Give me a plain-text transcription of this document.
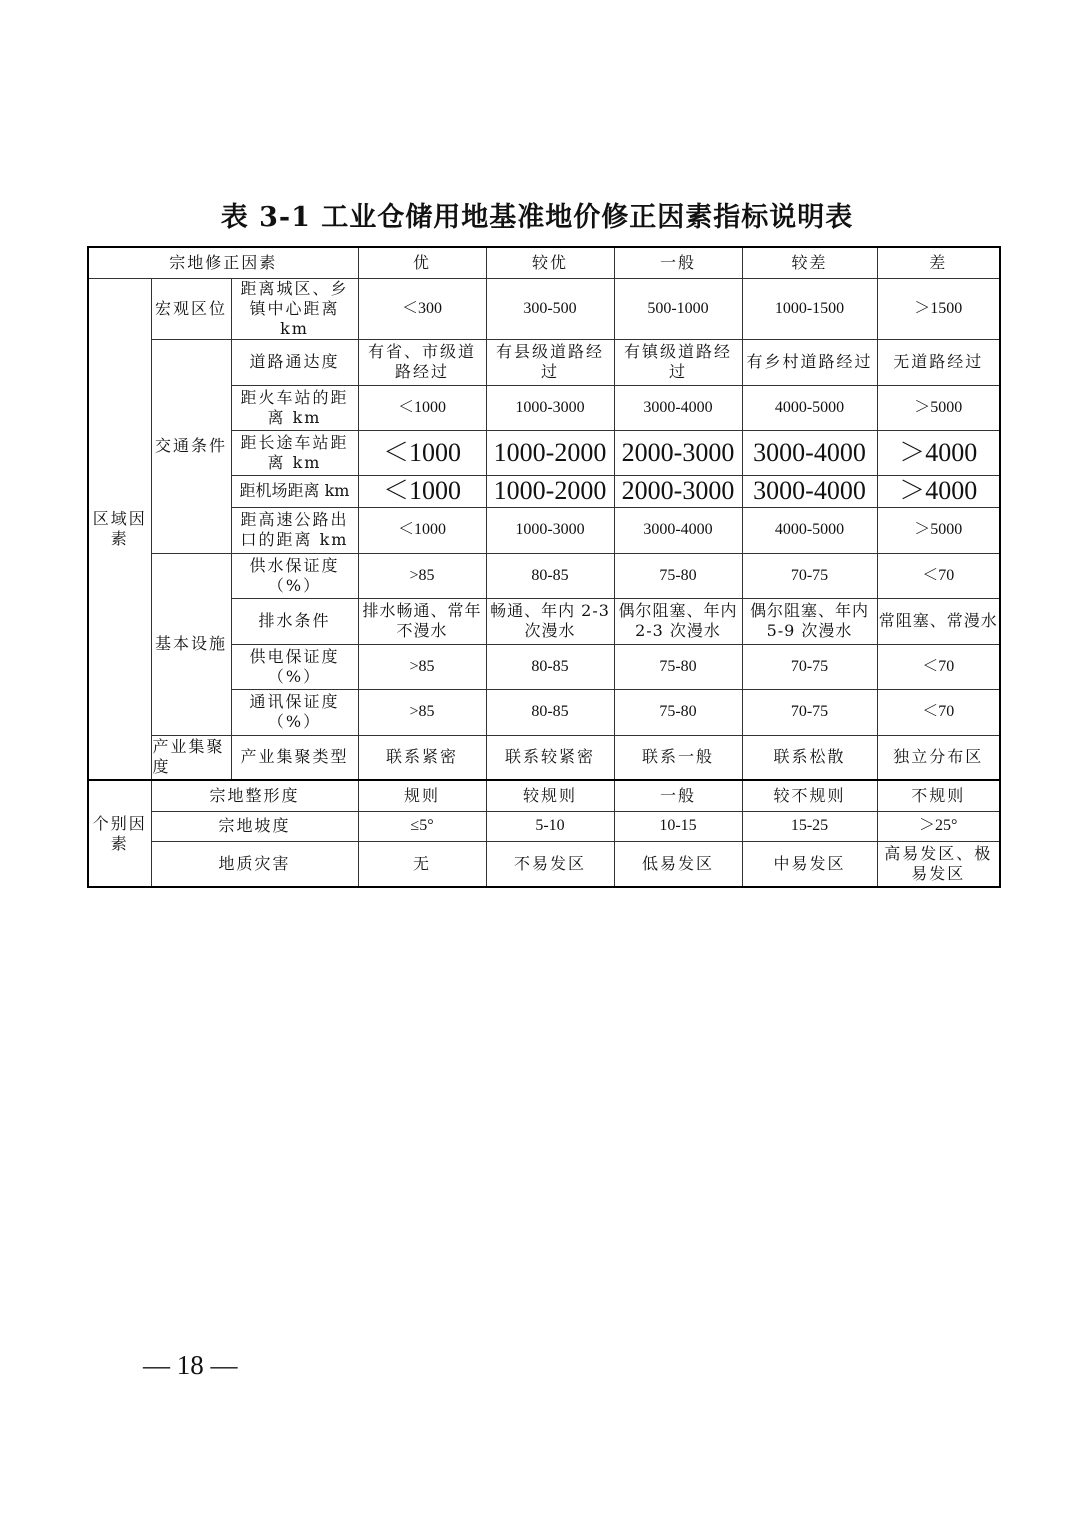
表 3-1 工业仓储用地基准地价修正因素指标说明表
宗地修正因素			优	较优	一般	较差	差
区域因素	宏观区位	距离城区、乡镇中心距离 km	＜300	300-500	500-1000	1000-1500	＞1500
	交通条件	道路通达度	有省、市级道路经过	有县级道路经过	有镇级道路经过	有乡村道路经过	无道路经过
		距火车站的距离 km	＜1000	1000-3000	3000-4000	4000-5000	＞5000
		距长途车站距离 km	＜1000	1000-2000	2000-3000	3000-4000	＞4000
		距机场距离 km	＜1000	1000-2000	2000-3000	3000-4000	＞4000
		距高速公路出口的距离 km	＜1000	1000-3000	3000-4000	4000-5000	＞5000
	基本设施	供水保证度（%）	>85	80-85	75-80	70-75	＜70
		排水条件	排水畅通、常年不漫水	畅通、年内 2-3 次漫水	偶尔阻塞、年内 2-3 次漫水	偶尔阻塞、年内 5-9 次漫水	常阻塞、常漫水
		供电保证度（%）	>85	80-85	75-80	70-75	＜70
		通讯保证度（%）	>85	80-85	75-80	70-75	＜70
	产业集聚度	产业集聚类型	联系紧密	联系较紧密	联系一般	联系松散	独立分布区
个别因素	宗地整形度		规则	较规则	一般	较不规则	不规则
	宗地坡度		≤5°	5-10	10-15	15-25	＞25°
	地质灾害		无	不易发区	低易发区	中易发区	高易发区、极易发区
— 18 —
